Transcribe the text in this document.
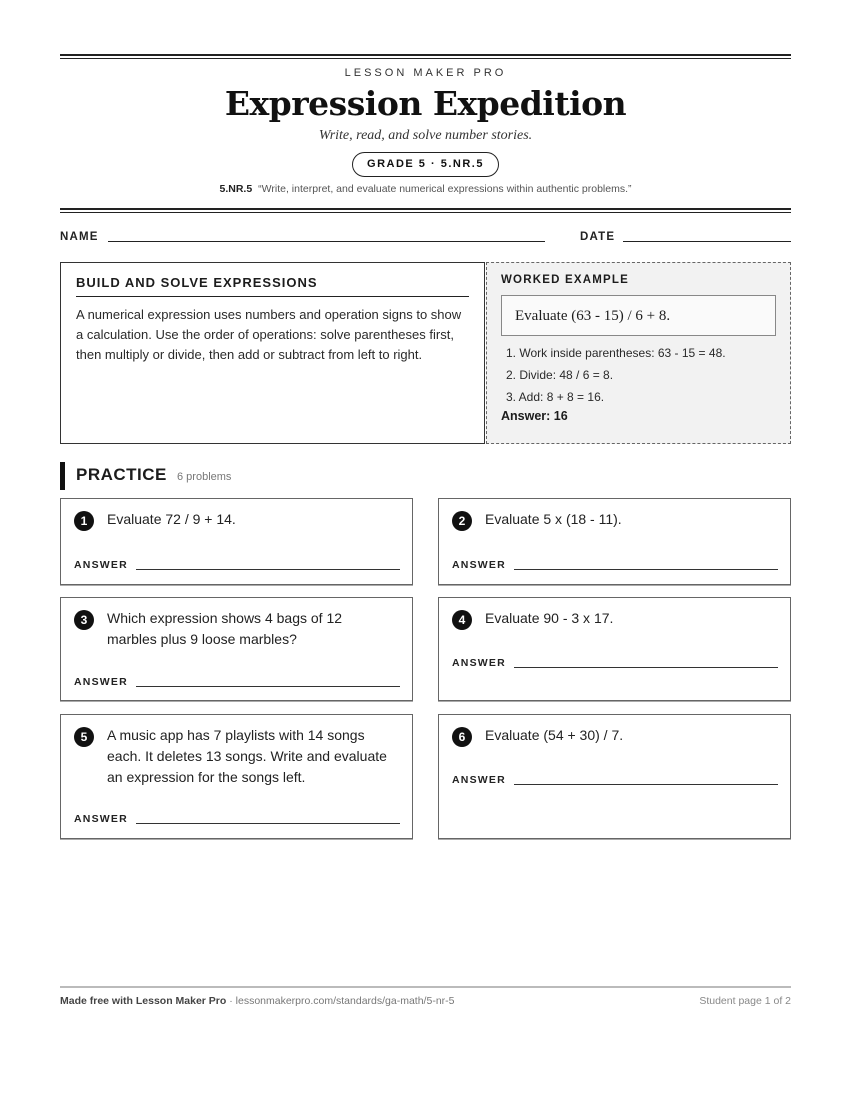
LESSON MAKER PRO
Expression Expedition
Write, read, and solve number stories.
GRADE 5 · 5.NR.5
5.NR.5 “Write, interpret, and evaluate numerical expressions within authentic problems.”
NAME	DATE
BUILD AND SOLVE EXPRESSIONS
A numerical expression uses numbers and operation signs to show a calculation. Use the order of operations: solve parentheses first, then multiply or divide, then add or subtract from left to right.
WORKED EXAMPLE
Evaluate (63 - 15) / 6 + 8.
1. Work inside parentheses: 63 - 15 = 48.
2. Divide: 48 / 6 = 8.
3. Add: 8 + 8 = 16.
Answer: 16
PRACTICE 6 problems
1	Evaluate 72 / 9 + 14.
ANSWER
2	Evaluate 5 x (18 - 11).
ANSWER
3	Which expression shows 4 bags of 12 marbles plus 9 loose marbles?
ANSWER
4	Evaluate 90 - 3 x 17.
ANSWER
5	A music app has 7 playlists with 14 songs each. It deletes 13 songs. Write and evaluate an expression for the songs left.
ANSWER
6	Evaluate (54 + 30) / 7.
ANSWER
Made free with Lesson Maker Pro · lessonmakerpro.com/standards/ga-math/5-nr-5	Student page 1 of 2
